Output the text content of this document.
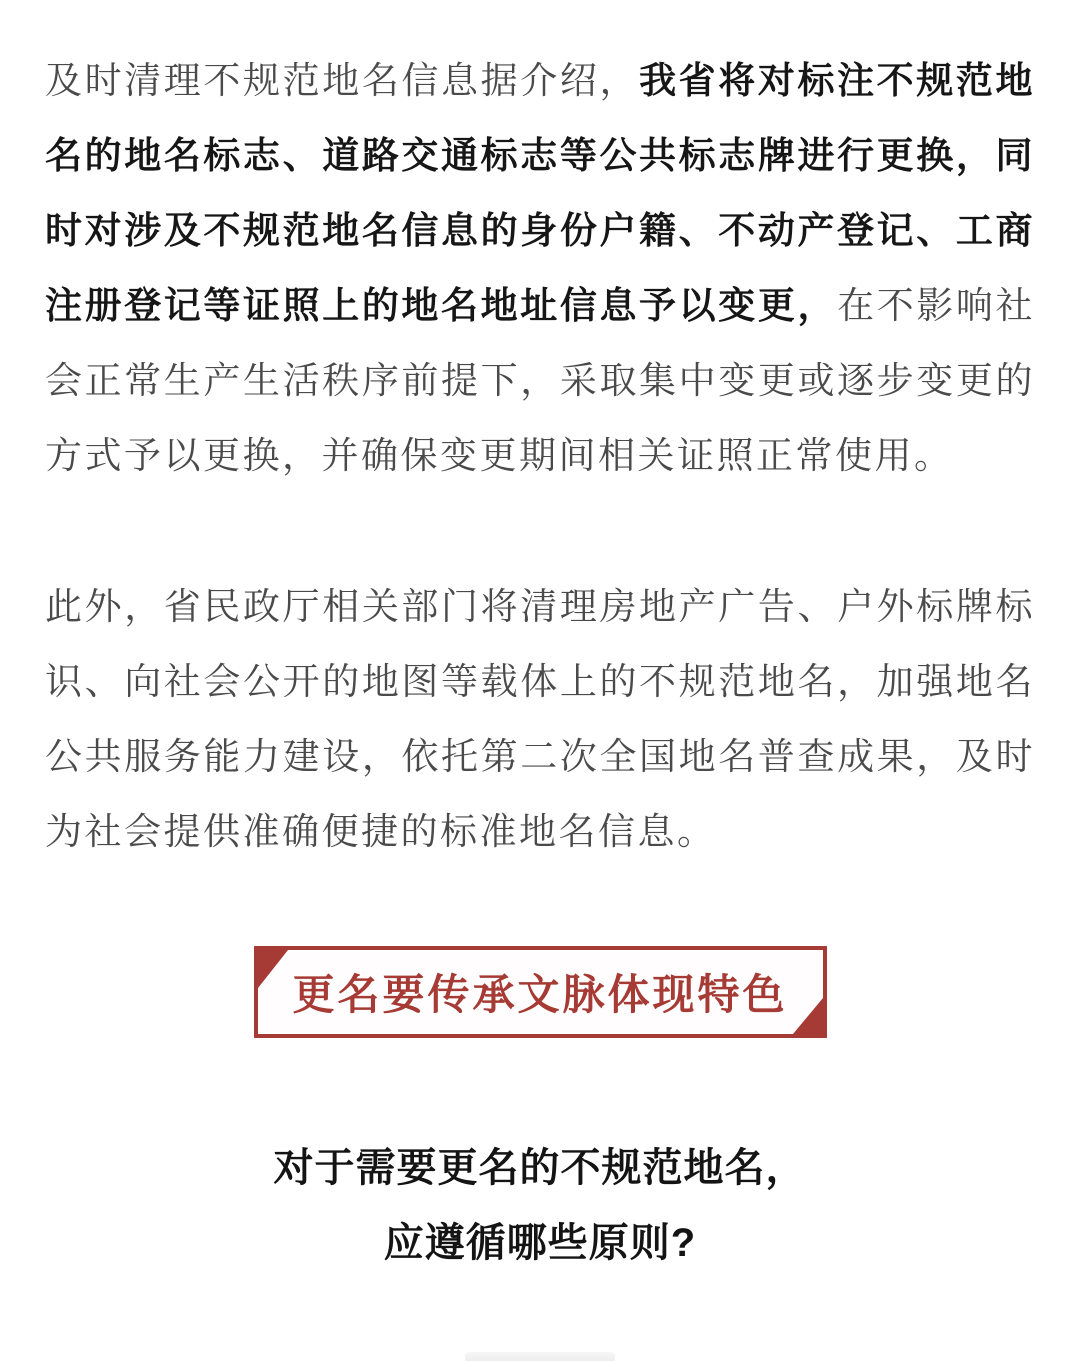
及时清理不规范地名信息据介绍，我省将对标注不规范地名的地名标志、道路交通标志等公共标志牌进行更换，同时对涉及不规范地名信息的身份户籍、不动产登记、工商注册登记等证照上的地名地址信息予以变更，在不影响社会正常生产生活秩序前提下，采取集中变更或逐步变更的方式予以更换，并确保变更期间相关证照正常使用。

此外，省民政厅相关部门将清理房地产广告、户外标牌标识、向社会公开的地图等载体上的不规范地名，加强地名公共服务能力建设，依托第二次全国地名普查成果，及时为社会提供准确便捷的标准地名信息。

更名要传承文脉体现特色
对于需要更名的不规范地名，
应遵循哪些原则?
